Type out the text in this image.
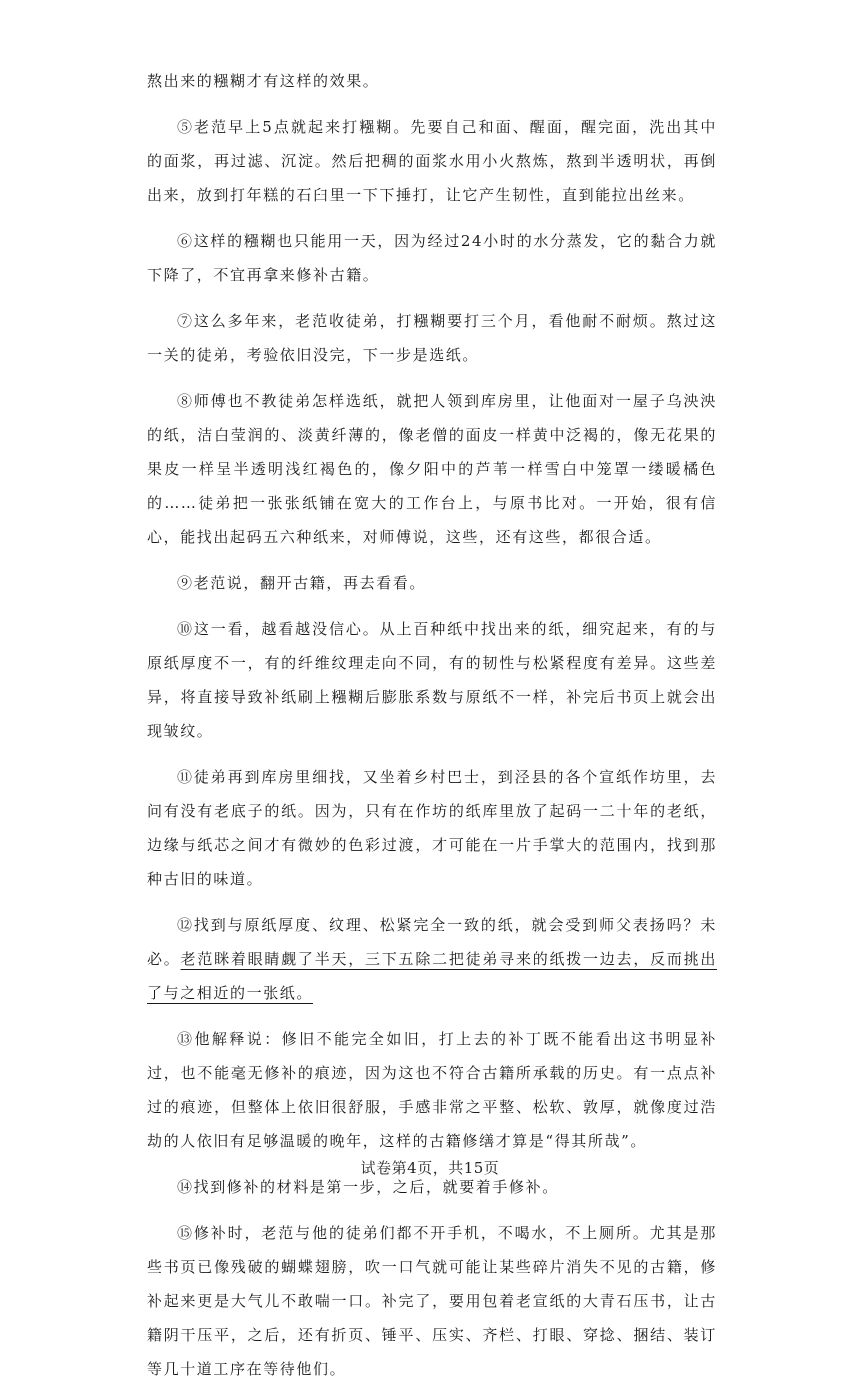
熬出来的糨糊才有这样的效果。

⑤老范早上5点就起来打糨糊。先要自己和面、醒面，醒完面，洗出其中的面浆，再过滤、沉淀。然后把稠的面浆水用小火熬炼，熬到半透明状，再倒出来，放到打年糕的石臼里一下下捶打，让它产生韧性，直到能拉出丝来。

⑥这样的糨糊也只能用一天，因为经过24小时的水分蒸发，它的黏合力就下降了，不宜再拿来修补古籍。

⑦这么多年来，老范收徒弟，打糨糊要打三个月，看他耐不耐烦。熬过这一关的徒弟，考验依旧没完，下一步是选纸。

⑧师傅也不教徒弟怎样选纸，就把人领到库房里，让他面对一屋子乌泱泱的纸，洁白莹润的、淡黄纤薄的，像老僧的面皮一样黄中泛褐的，像无花果的果皮一样呈半透明浅红褐色的，像夕阳中的芦苇一样雪白中笼罩一缕暖橘色的……徒弟把一张张纸铺在宽大的工作台上，与原书比对。一开始，很有信心，能找出起码五六种纸来，对师傅说，这些，还有这些，都很合适。

⑨老范说，翻开古籍，再去看看。

⑩这一看，越看越没信心。从上百种纸中找出来的纸，细究起来，有的与原纸厚度不一，有的纤维纹理走向不同，有的韧性与松紧程度有差异。这些差异，将直接导致补纸刷上糨糊后膨胀系数与原纸不一样，补完后书页上就会出现皱纹。

⑪徒弟再到库房里细找，又坐着乡村巴士，到泾县的各个宣纸作坊里，去问有没有老底子的纸。因为，只有在作坊的纸库里放了起码一二十年的老纸，边缘与纸芯之间才有微妙的色彩过渡，才可能在一片手掌大的范围内，找到那种古旧的味道。

⑫找到与原纸厚度、纹理、松紧完全一致的纸，就会受到师父表扬吗？未必。老范眯着眼睛觑了半天，三下五除二把徒弟寻来的纸拨一边去，反而挑出了与之相近的一张纸。

⑬他解释说：修旧不能完全如旧，打上去的补丁既不能看出这书明显补过，也不能毫无修补的痕迹，因为这也不符合古籍所承载的历史。有一点点补过的痕迹，但整体上依旧很舒服，手感非常之平整、松软、敦厚，就像度过浩劫的人依旧有足够温暖的晚年，这样的古籍修缮才算是“得其所哉”。

⑭找到修补的材料是第一步，之后，就要着手修补。

⑮修补时，老范与他的徒弟们都不开手机，不喝水，不上厕所。尤其是那些书页已像残破的蝴蝶翅膀，吹一口气就可能让某些碎片消失不见的古籍，修补起来更是大气儿不敢喘一口。补完了，要用包着老宣纸的大青石压书，让古籍阴干压平，之后，还有折页、锤平、压实、齐栏、打眼、穿捻、捆结、装订等几十道工序在等待他们。

试卷第4页，共15页
